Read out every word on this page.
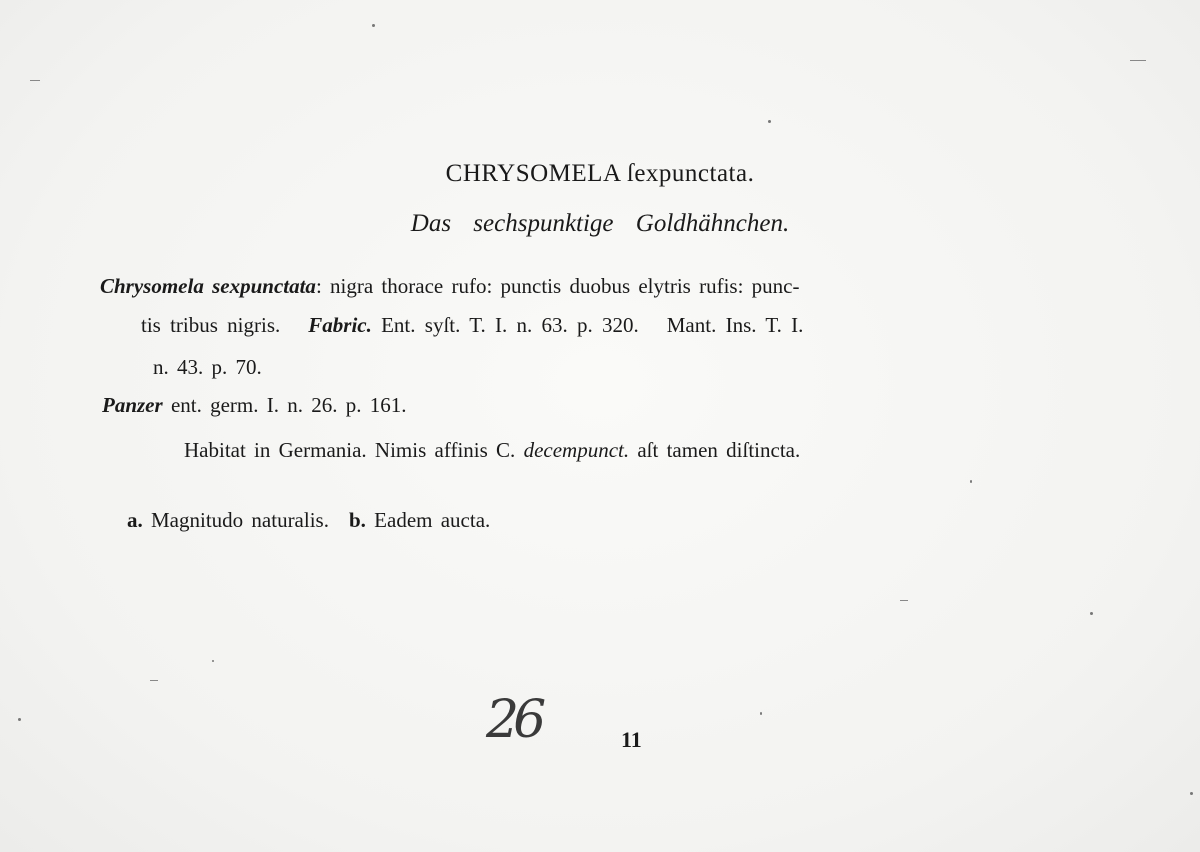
CHRYSOMELA ſexpunctata.
Das sechspunktige Goldhähnchen.
Chrysomela sexpunctata: nigra thorace rufo: punctis duobus elytris rufis: punc-
tis tribus nigris. Fabric. Ent. syſt. T. I. n. 63. p. 320. Mant. Ins. T. I.
n. 43. p. 70.
Panzer ent. germ. I. n. 26. p. 161.
Habitat in Germania. Nimis affinis C. decempunct. aſt tamen diſtincta.
a. Magnitudo naturalis. b. Eadem aucta.
26	11
